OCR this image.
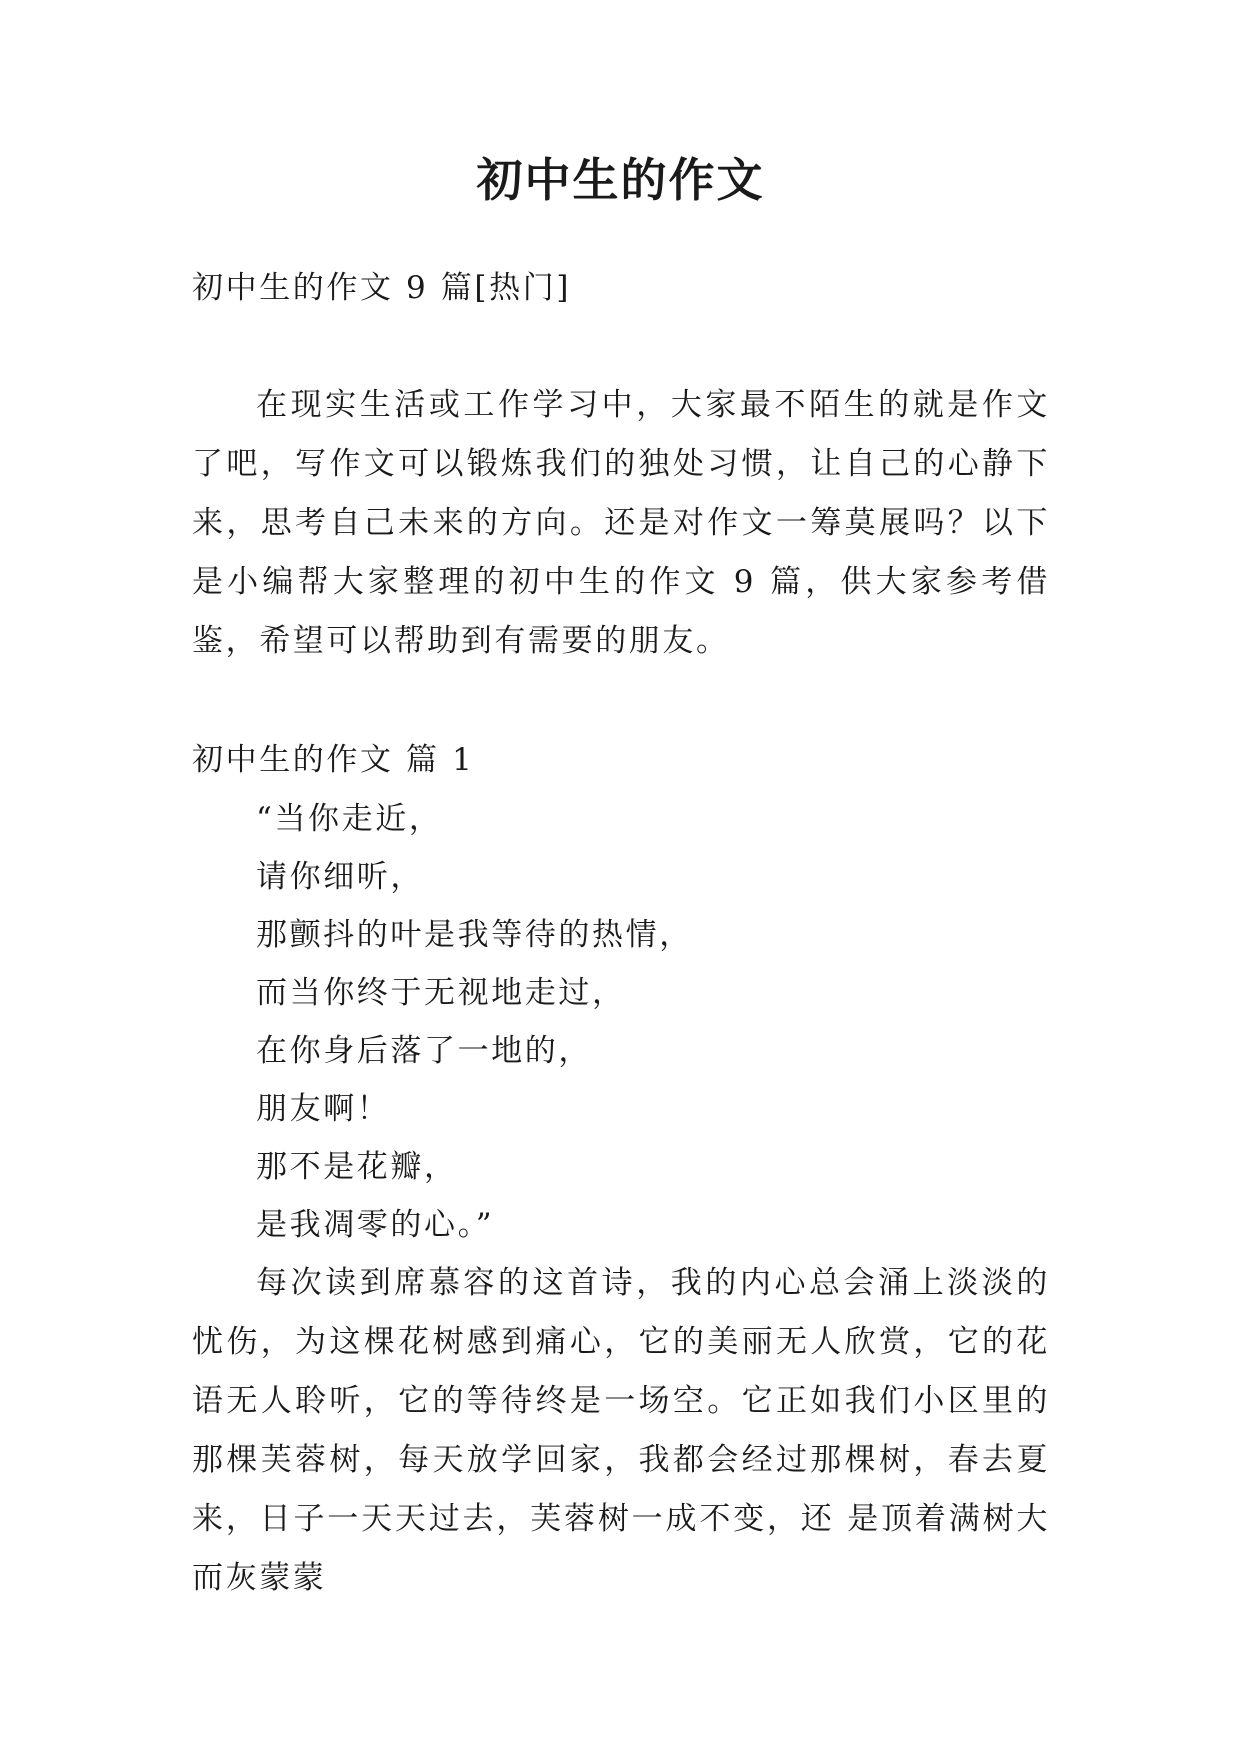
初中生的作文

初中生的作文 9 篇[热门]

在现实生活或工作学习中，大家最不陌生的就是作文了吧，写作文可以锻炼我们的独处习惯，让自己的心静下来，思考自己未来的方向。还是对作文一筹莫展吗？以下是小编帮大家整理的初中生的作文 9 篇，供大家参考借鉴，希望可以帮助到有需要的朋友。

初中生的作文 篇 1

“当你走近，
请你细听，
那颤抖的叶是我等待的热情，
而当你终于无视地走过，
在你身后落了一地的，
朋友啊！
那不是花瓣，
是我凋零的心。”

每次读到席慕容的这首诗，我的内心总会涌上淡淡的忧伤，为这棵花树感到痛心，它的美丽无人欣赏，它的花语无人聆听，它的等待终是一场空。它正如我们小区里的那棵芙蓉树，每天放学回家，我都会经过那棵树，春去夏来，日子一天天过去，芙蓉树一成不变，还 是顶着满树大而灰蒙蒙
